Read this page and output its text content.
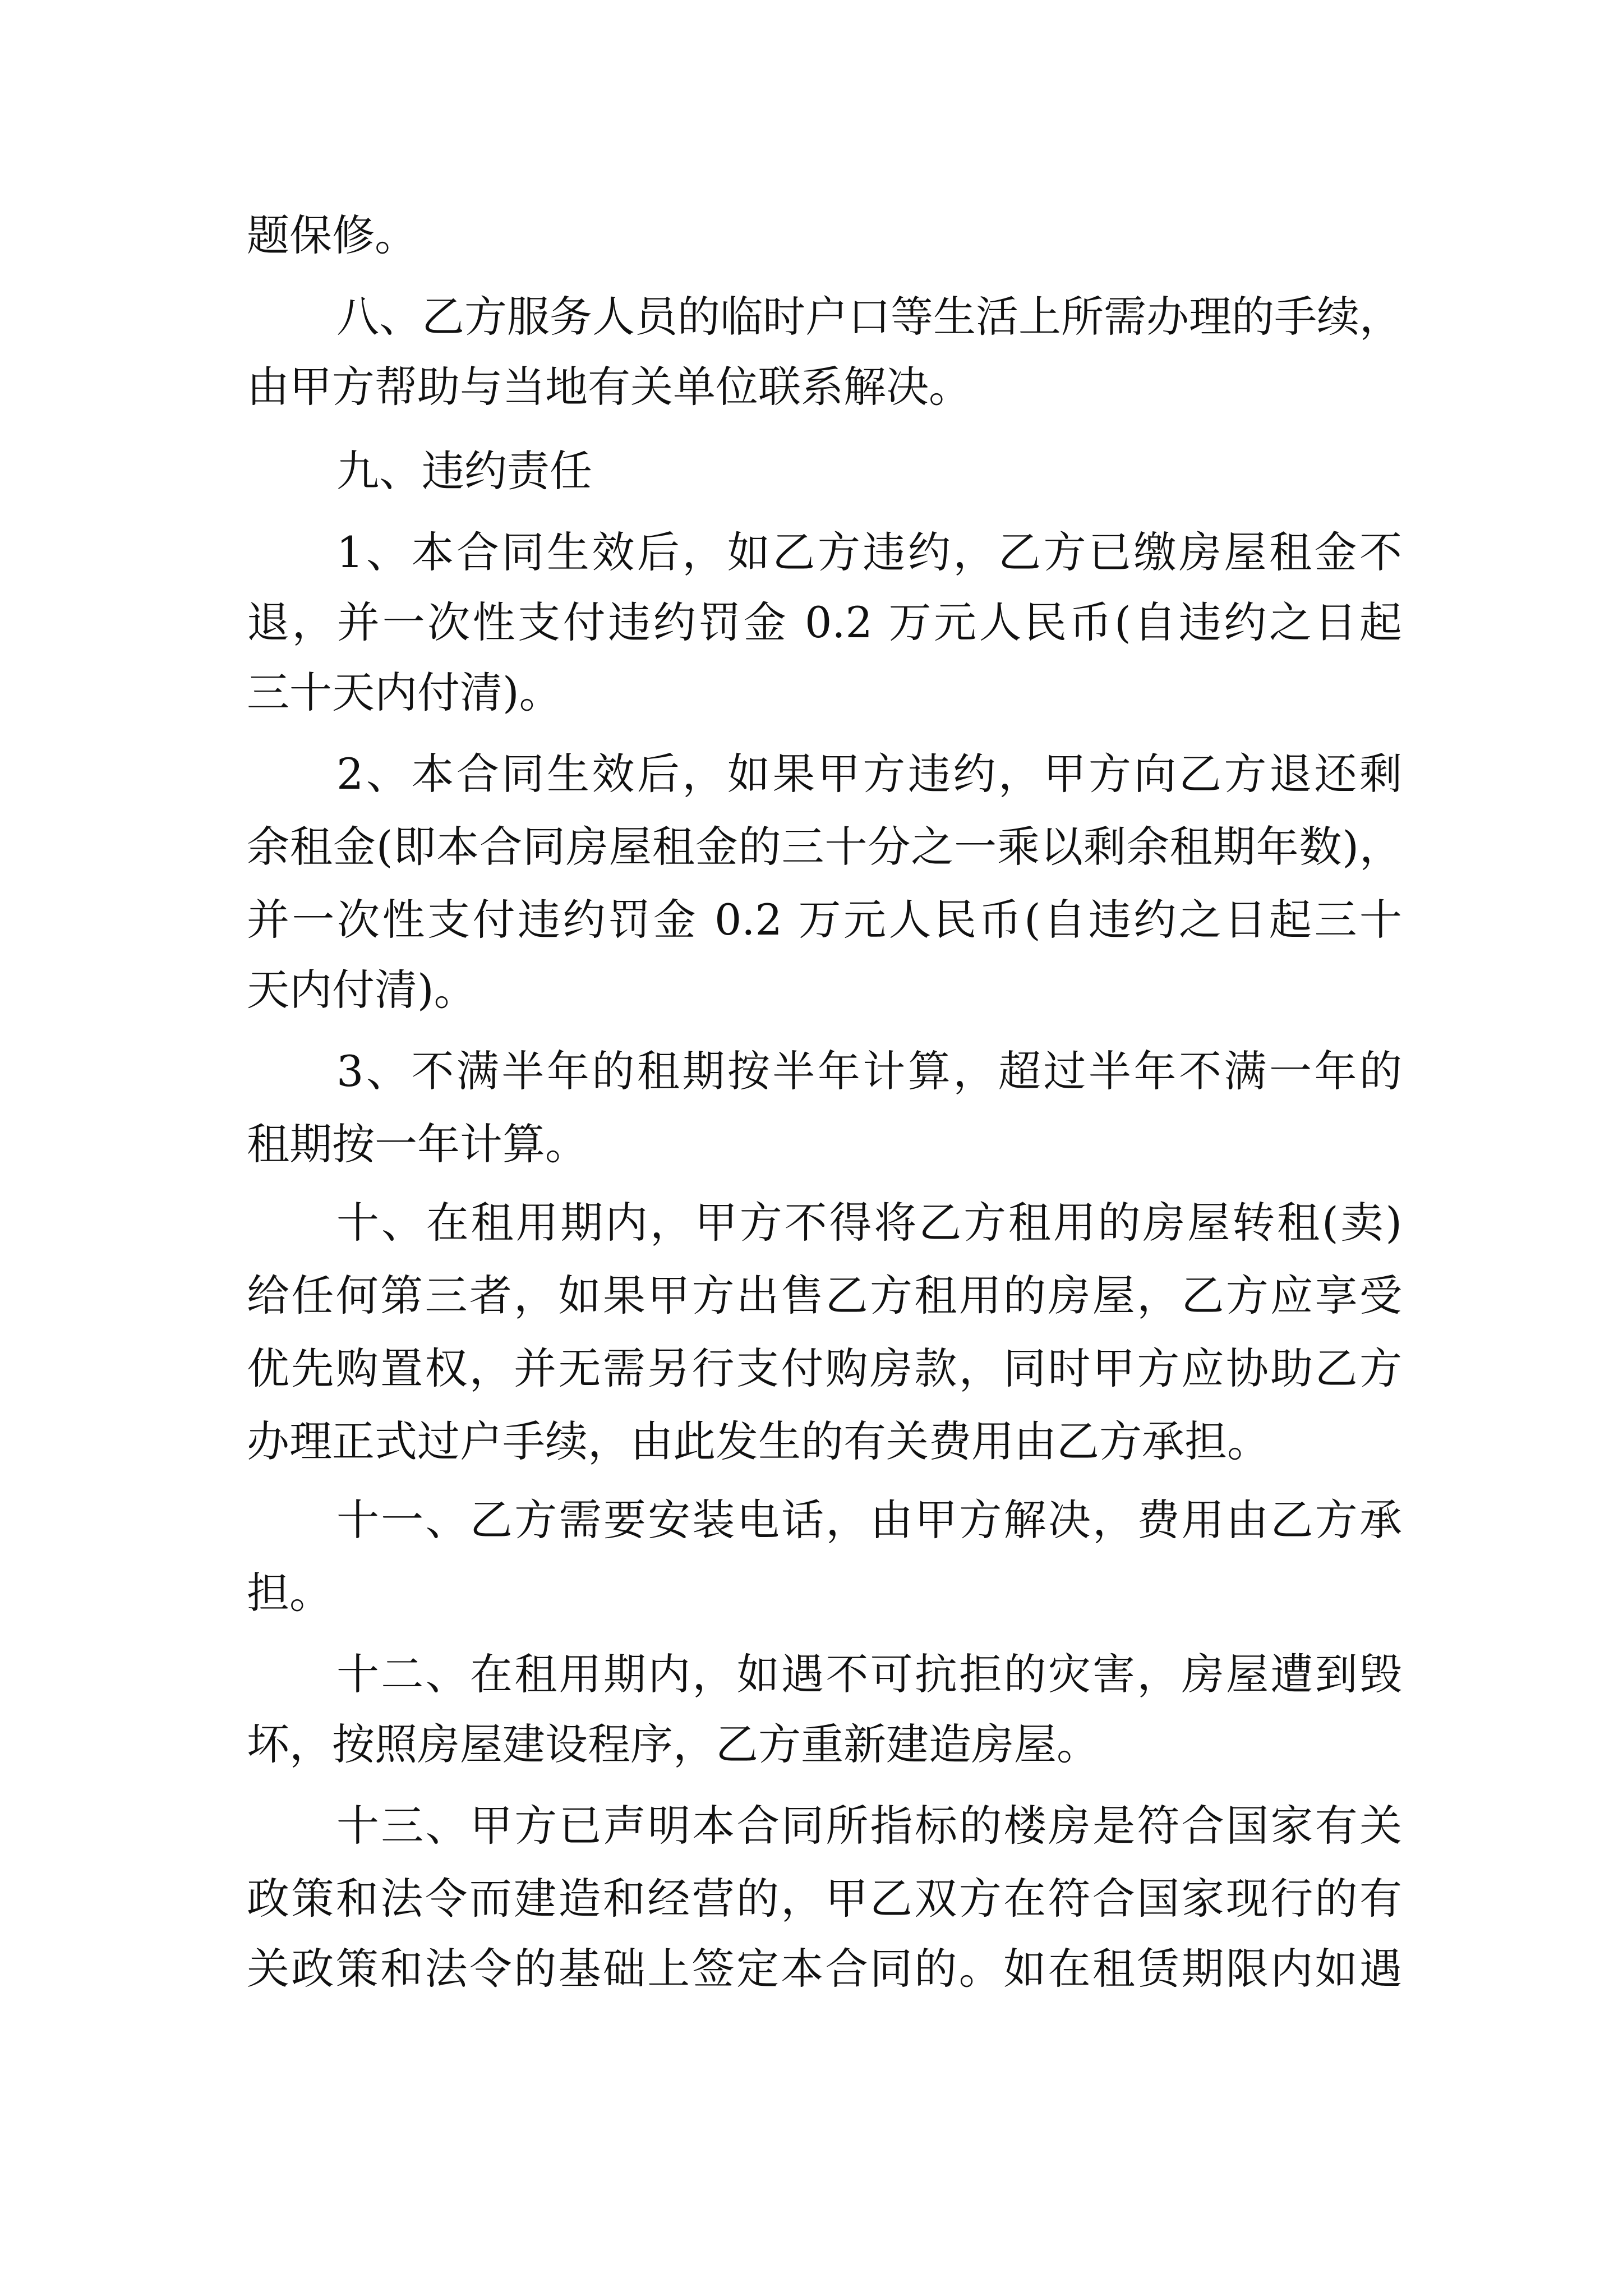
题保修。
八、乙方服务人员的临时户口等生活上所需办理的手续，
由甲方帮助与当地有关单位联系解决。
九、违约责任
1、本合同生效后，如乙方违约，乙方已缴房屋租金不
退，并一次性支付违约罚金 0.2 万元人民币(自违约之日起
三十天内付清)。
2、本合同生效后，如果甲方违约，甲方向乙方退还剩
余租金(即本合同房屋租金的三十分之一乘以剩余租期年数)，
并一次性支付违约罚金 0.2 万元人民币(自违约之日起三十
天内付清)。
3、不满半年的租期按半年计算，超过半年不满一年的
租期按一年计算。
十、在租用期内，甲方不得将乙方租用的房屋转租(卖)
给任何第三者，如果甲方出售乙方租用的房屋，乙方应享受
优先购置权，并无需另行支付购房款，同时甲方应协助乙方
办理正式过户手续，由此发生的有关费用由乙方承担。
十一、乙方需要安装电话，由甲方解决，费用由乙方承
担。
十二、在租用期内，如遇不可抗拒的灾害，房屋遭到毁
坏，按照房屋建设程序，乙方重新建造房屋。
十三、甲方已声明本合同所指标的楼房是符合国家有关
政策和法令而建造和经营的，甲乙双方在符合国家现行的有
关政策和法令的基础上签定本合同的。如在租赁期限内如遇
